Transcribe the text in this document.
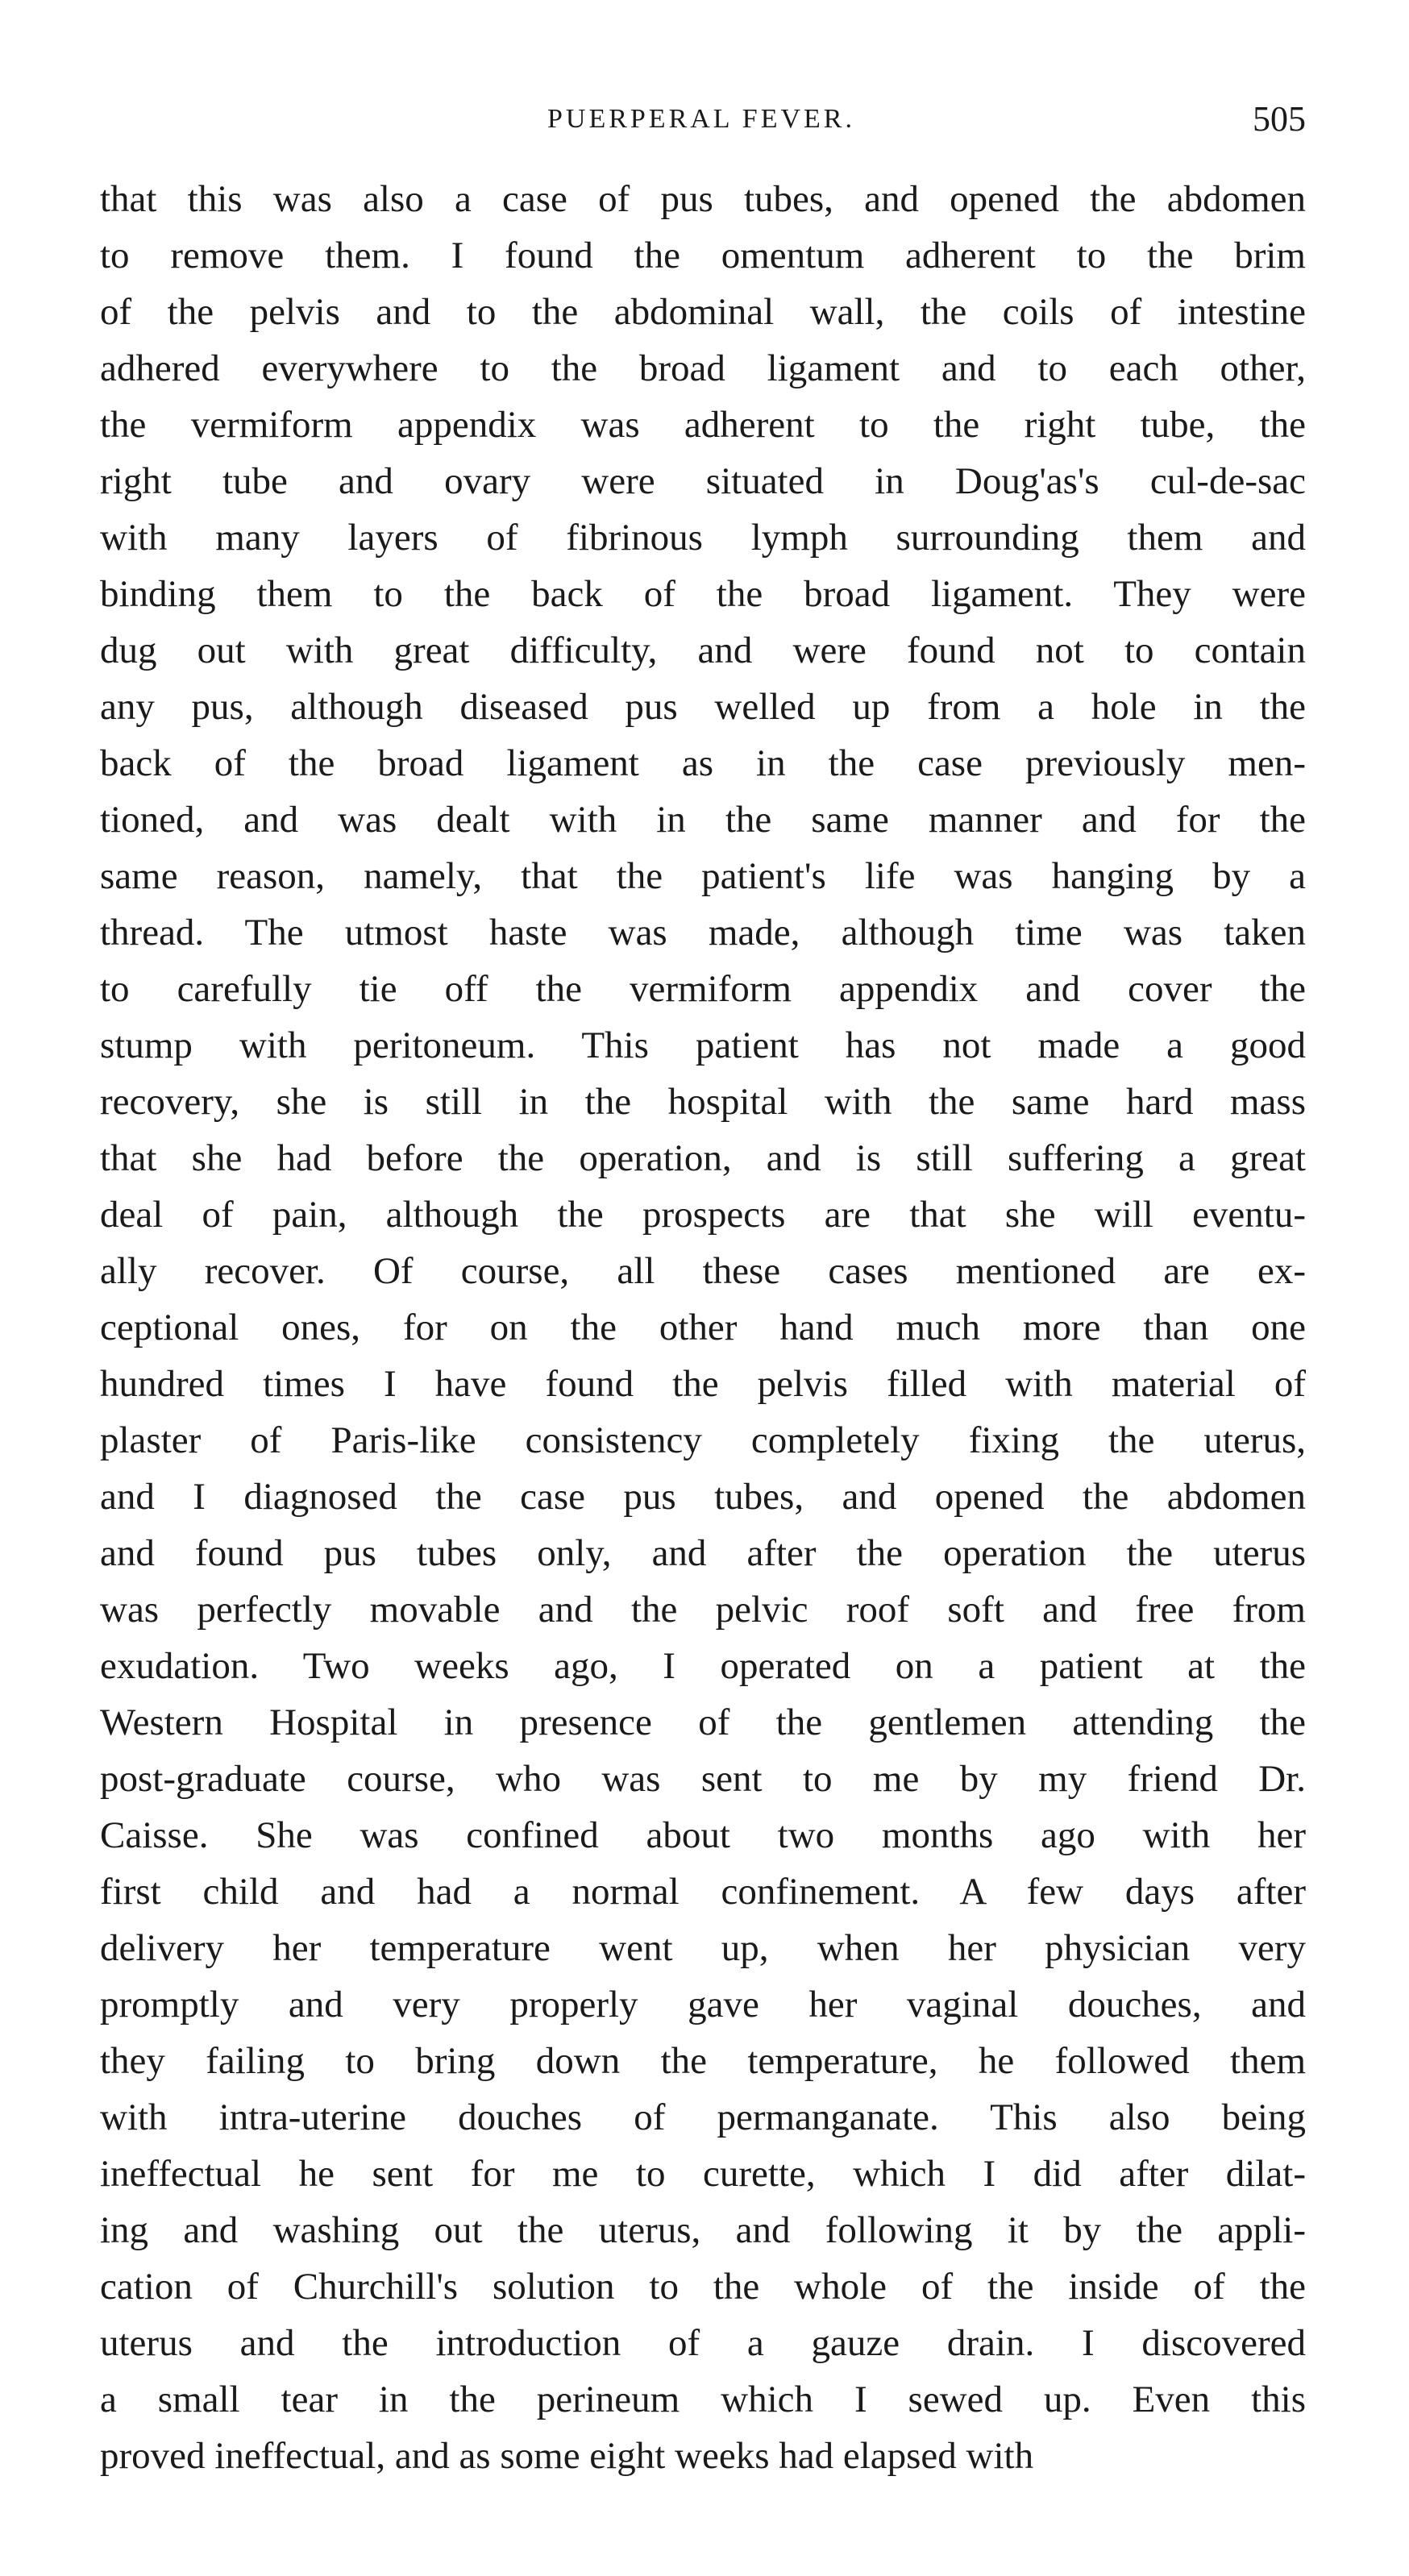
PUERPERAL FEVER.	505
that this was also a case of pus tubes, and opened the abdomen
to remove them. I found the omentum adherent to the brim
of the pelvis and to the abdominal wall, the coils of intestine
adhered everywhere to the broad ligament and to each other,
the vermiform appendix was adherent to the right tube, the
right tube and ovary were situated in Doug'as's cul-de-sac
with many layers of fibrinous lymph surrounding them and
binding them to the back of the broad ligament. They were
dug out with great difficulty, and were found not to contain
any pus, although diseased pus welled up from a hole in the
back of the broad ligament as in the case previously men-
tioned, and was dealt with in the same manner and for the
same reason, namely, that the patient's life was hanging by a
thread. The utmost haste was made, although time was taken
to carefully tie off the vermiform appendix and cover the
stump with peritoneum. This patient has not made a good
recovery, she is still in the hospital with the same hard mass
that she had before the operation, and is still suffering a great
deal of pain, although the prospects are that she will eventu-
ally recover. Of course, all these cases mentioned are ex-
ceptional ones, for on the other hand much more than one
hundred times I have found the pelvis filled with material of
plaster of Paris-like consistency completely fixing the uterus,
and I diagnosed the case pus tubes, and opened the abdomen
and found pus tubes only, and after the operation the uterus
was perfectly movable and the pelvic roof soft and free from
exudation. Two weeks ago, I operated on a patient at the
Western Hospital in presence of the gentlemen attending the
post-graduate course, who was sent to me by my friend Dr.
Caisse. She was confined about two months ago with her
first child and had a normal confinement. A few days after
delivery her temperature went up, when her physician very
promptly and very properly gave her vaginal douches, and
they failing to bring down the temperature, he followed them
with intra-uterine douches of permanganate. This also being
ineffectual he sent for me to curette, which I did after dilat-
ing and washing out the uterus, and following it by the appli-
cation of Churchill's solution to the whole of the inside of the
uterus and the introduction of a gauze drain. I discovered
a small tear in the perineum which I sewed up. Even this
proved ineffectual, and as some eight weeks had elapsed with
